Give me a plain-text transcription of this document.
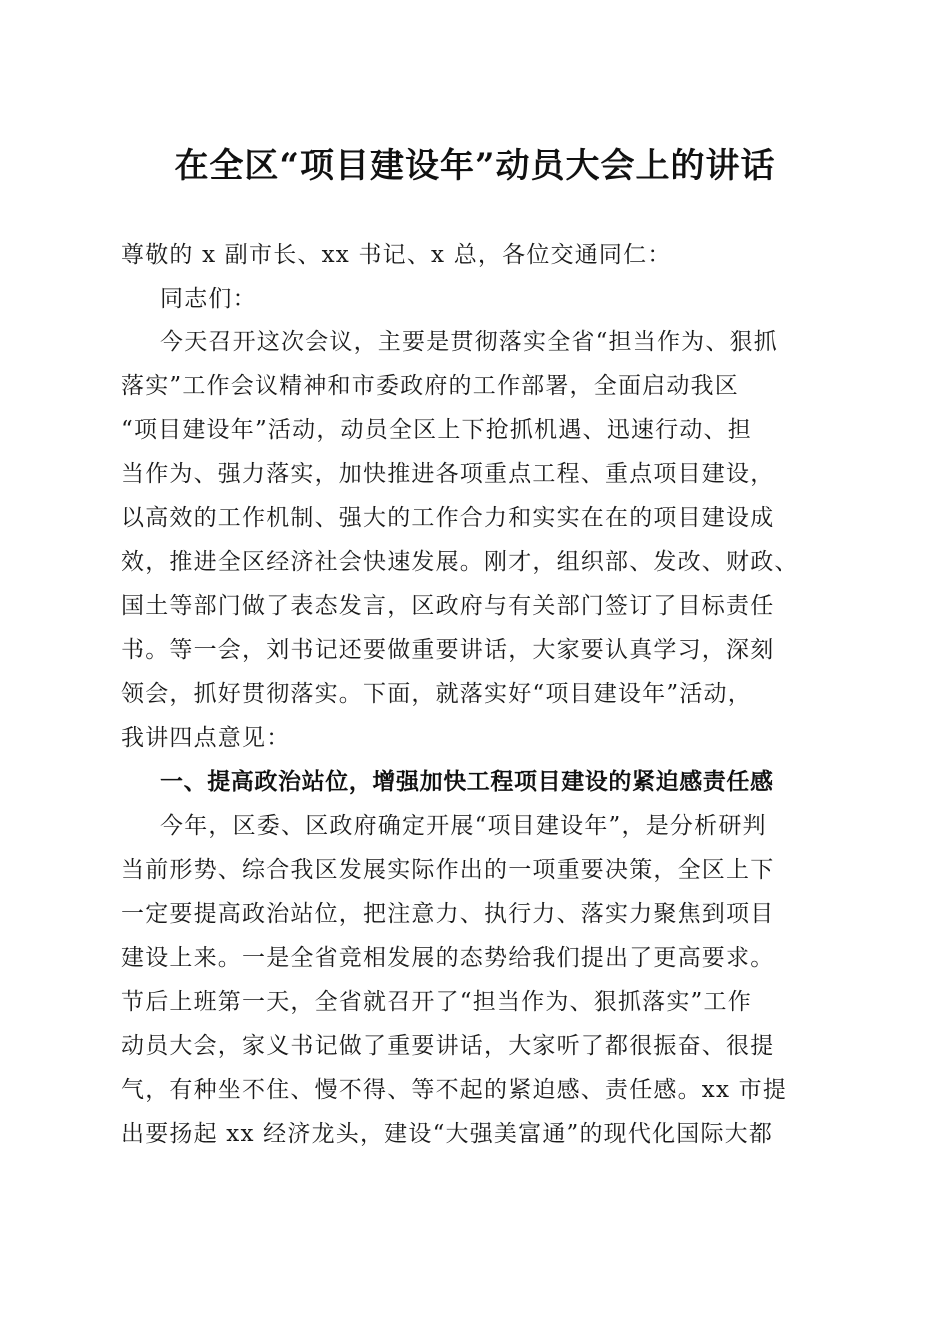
在全区“项目建设年”动员大会上的讲话
尊敬的 x 副市长、xx 书记、x 总，各位交通同仁：
同志们：
今天召开这次会议，主要是贯彻落实全省“担当作为、狠抓
落实”工作会议精神和市委政府的工作部署，全面启动我区
“项目建设年”活动，动员全区上下抢抓机遇、迅速行动、担
当作为、强力落实，加快推进各项重点工程、重点项目建设，
以高效的工作机制、强大的工作合力和实实在在的项目建设成
效，推进全区经济社会快速发展。刚才，组织部、发改、财政、
国土等部门做了表态发言，区政府与有关部门签订了目标责任
书。等一会，刘书记还要做重要讲话，大家要认真学习，深刻
领会，抓好贯彻落实。下面，就落实好“项目建设年”活动，
我讲四点意见：
一、提高政治站位，增强加快工程项目建设的紧迫感责任感
今年，区委、区政府确定开展“项目建设年”，是分析研判
当前形势、综合我区发展实际作出的一项重要决策，全区上下
一定要提高政治站位，把注意力、执行力、落实力聚焦到项目
建设上来。一是全省竞相发展的态势给我们提出了更高要求。
节后上班第一天，全省就召开了“担当作为、狠抓落实”工作
动员大会，家义书记做了重要讲话，大家听了都很振奋、很提
气，有种坐不住、慢不得、等不起的紧迫感、责任感。xx 市提
出要扬起 xx 经济龙头，建设“大强美富通”的现代化国际大都
